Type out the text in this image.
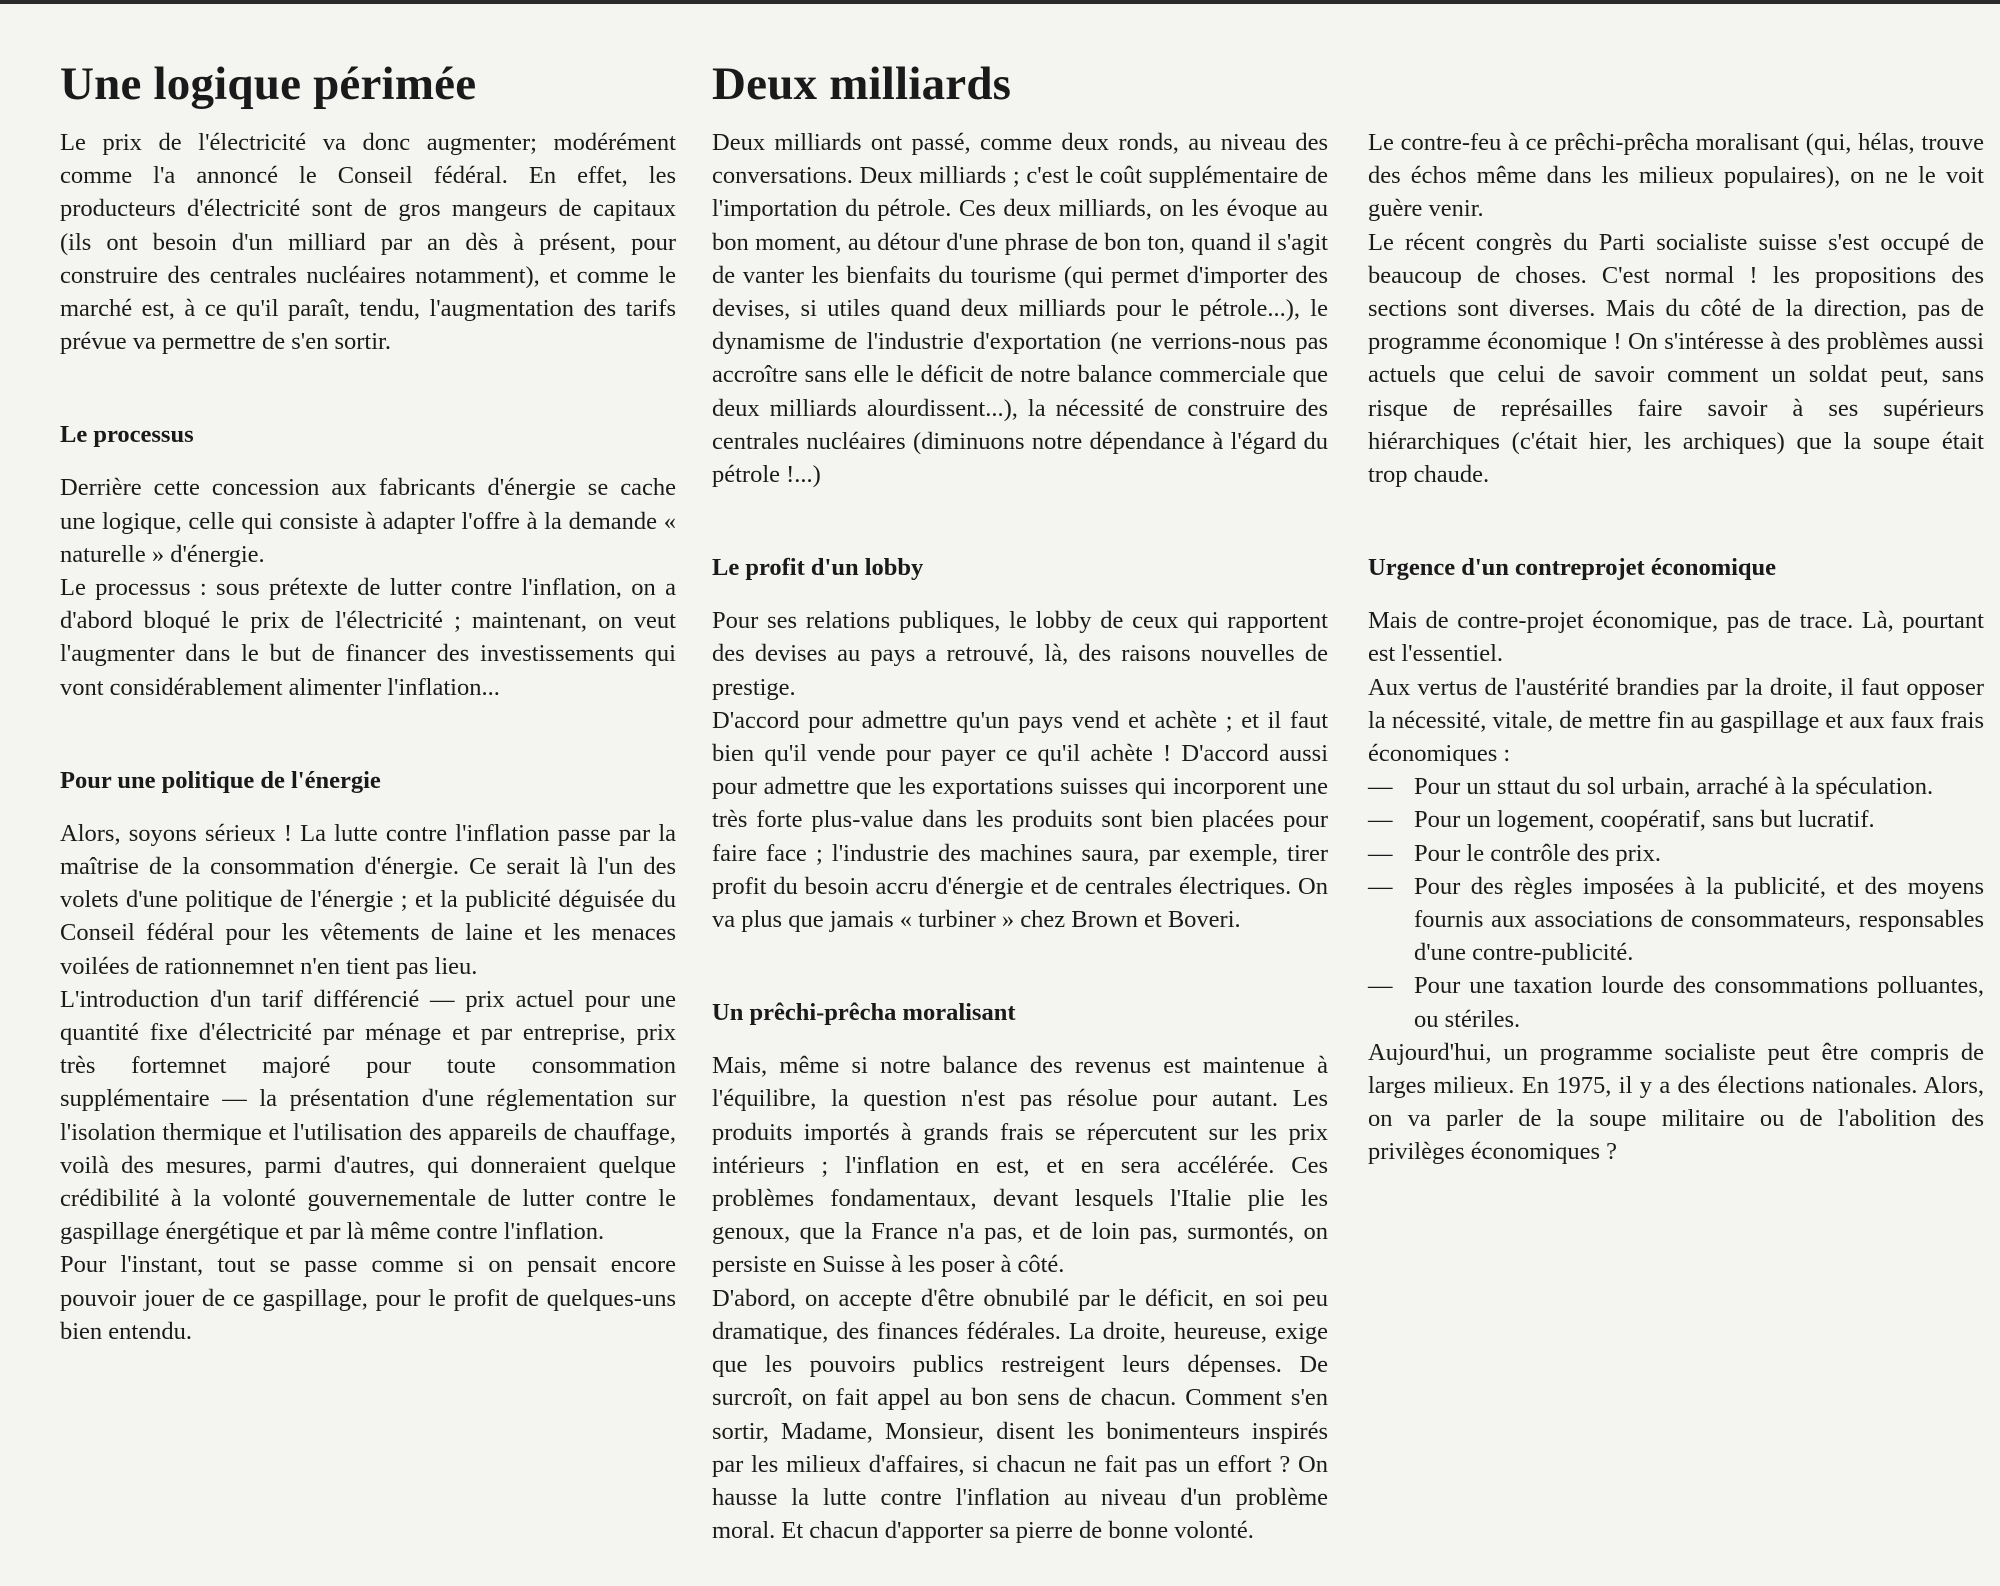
Une logique périmée

Le prix de l'électricité va donc augmenter; modérément comme l'a annoncé le Conseil fédéral. En effet, les producteurs d'électricité sont de gros mangeurs de capitaux (ils ont besoin d'un milliard par an dès à présent, pour construire des centrales nucléaires notamment), et comme le marché est, à ce qu'il paraît, tendu, l'augmentation des tarifs prévue va permettre de s'en sortir.

Le processus

Derrière cette concession aux fabricants d'énergie se cache une logique, celle qui consiste à adapter l'offre à la demande « naturelle » d'énergie.

Le processus : sous prétexte de lutter contre l'inflation, on a d'abord bloqué le prix de l'électricité ; maintenant, on veut l'augmenter dans le but de financer des investissements qui vont considérablement alimenter l'inflation...

Pour une politique de l'énergie

Alors, soyons sérieux ! La lutte contre l'inflation passe par la maîtrise de la consommation d'énergie. Ce serait là l'un des volets d'une politique de l'énergie ; et la publicité déguisée du Conseil fédéral pour les vêtements de laine et les menaces voilées de rationnemnet n'en tient pas lieu.

L'introduction d'un tarif différencié — prix actuel pour une quantité fixe d'électricité par ménage et par entreprise, prix très fortemnet majoré pour toute consommation supplémentaire — la présentation d'une réglementation sur l'isolation thermique et l'utilisation des appareils de chauffage, voilà des mesures, parmi d'autres, qui donneraient quelque crédibilité à la volonté gouvernementale de lutter contre le gaspillage énergétique et par là même contre l'inflation.

Pour l'instant, tout se passe comme si on pensait encore pouvoir jouer de ce gaspillage, pour le profit de quelques-uns bien entendu.

Deux milliards

Deux milliards ont passé, comme deux ronds, au niveau des conversations. Deux milliards ; c'est le coût supplémentaire de l'importation du pétrole. Ces deux milliards, on les évoque au bon moment, au détour d'une phrase de bon ton, quand il s'agit de vanter les bienfaits du tourisme (qui permet d'importer des devises, si utiles quand deux milliards pour le pétrole...), le dynamisme de l'industrie d'exportation (ne verrions-nous pas accroître sans elle le déficit de notre balance commerciale que deux milliards alourdissent...), la nécessité de construire des centrales nucléaires (diminuons notre dépendance à l'égard du pétrole !...)

Le profit d'un lobby

Pour ses relations publiques, le lobby de ceux qui rapportent des devises au pays a retrouvé, là, des raisons nouvelles de prestige.

D'accord pour admettre qu'un pays vend et achète ; et il faut bien qu'il vende pour payer ce qu'il achète ! D'accord aussi pour admettre que les exportations suisses qui incorporent une très forte plus-value dans les produits sont bien placées pour faire face ; l'industrie des machines saura, par exemple, tirer profit du besoin accru d'énergie et de centrales électriques. On va plus que jamais « turbiner » chez Brown et Boveri.

Un prêchi-prêcha moralisant

Mais, même si notre balance des revenus est maintenue à l'équilibre, la question n'est pas résolue pour autant. Les produits importés à grands frais se répercutent sur les prix intérieurs ; l'inflation en est, et en sera accélérée. Ces problèmes fondamentaux, devant lesquels l'Italie plie les genoux, que la France n'a pas, et de loin pas, surmontés, on persiste en Suisse à les poser à côté.

D'abord, on accepte d'être obnubilé par le déficit, en soi peu dramatique, des finances fédérales. La droite, heureuse, exige que les pouvoirs publics restreigent leurs dépenses. De surcroît, on fait appel au bon sens de chacun. Comment s'en sortir, Madame, Monsieur, disent les bonimenteurs inspirés par les milieux d'affaires, si chacun ne fait pas un effort ? On hausse la lutte contre l'inflation au niveau d'un problème moral. Et chacun d'apporter sa pierre de bonne volonté.

Le contre-feu à ce prêchi-prêcha moralisant (qui, hélas, trouve des échos même dans les milieux populaires), on ne le voit guère venir.

Le récent congrès du Parti socialiste suisse s'est occupé de beaucoup de choses. C'est normal ! les propositions des sections sont diverses. Mais du côté de la direction, pas de programme économique ! On s'intéresse à des problèmes aussi actuels que celui de savoir comment un soldat peut, sans risque de représailles faire savoir à ses supérieurs hiérarchiques (c'était hier, les archiques) que la soupe était trop chaude.

Urgence d'un contreprojet économique

Mais de contre-projet économique, pas de trace. Là, pourtant est l'essentiel.

Aux vertus de l'austérité brandies par la droite, il faut opposer la nécessité, vitale, de mettre fin au gaspillage et aux faux frais économiques :

— Pour un sttaut du sol urbain, arraché à la spéculation.
— Pour un logement, coopératif, sans but lucratif.
— Pour le contrôle des prix.
— Pour des règles imposées à la publicité, et des moyens fournis aux associations de consommateurs, responsables d'une contre-publicité.
— Pour une taxation lourde des consommations polluantes, ou stériles.

Aujourd'hui, un programme socialiste peut être compris de larges milieux. En 1975, il y a des élections nationales. Alors, on va parler de la soupe militaire ou de l'abolition des privilèges économiques ?
